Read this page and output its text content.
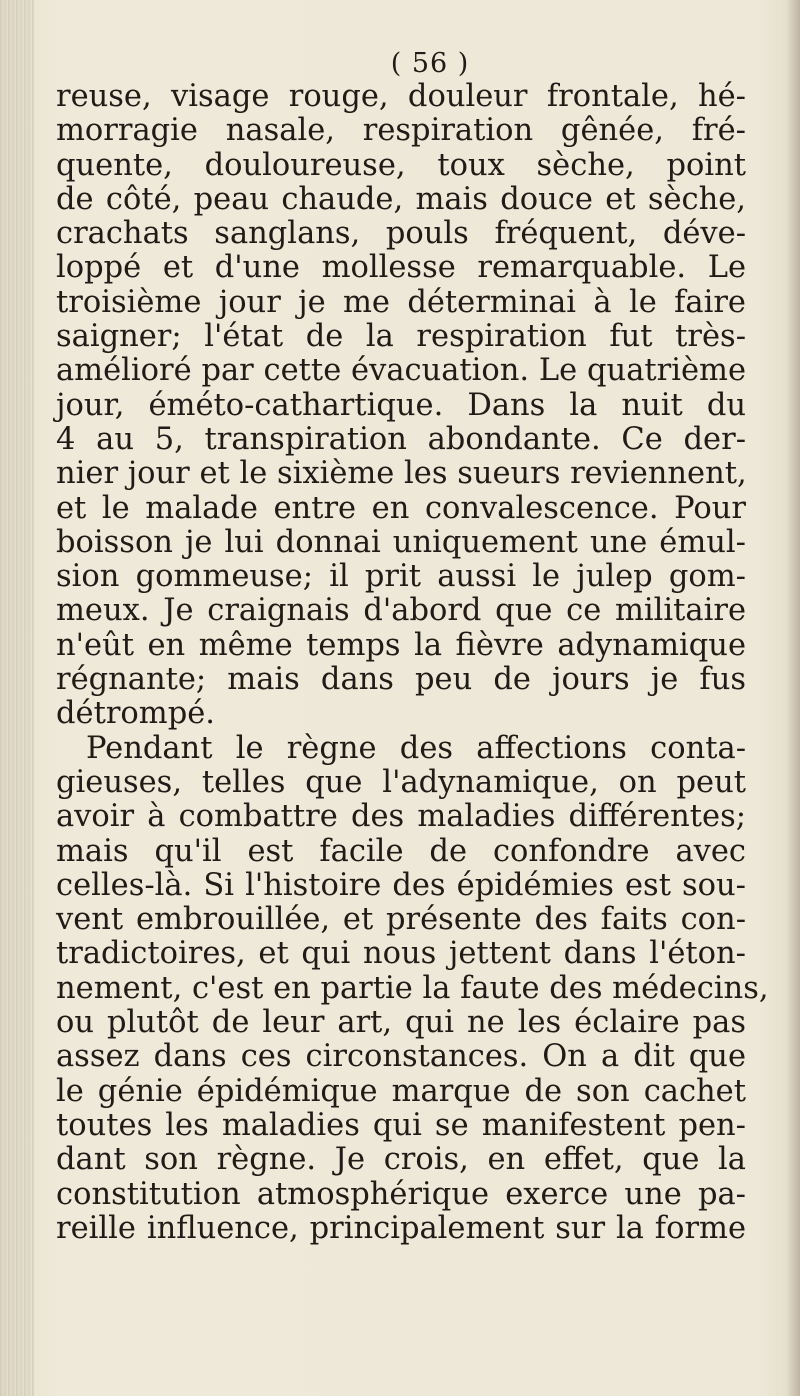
( 56 )
reuse, visage rouge, douleur frontale, hé-
morragie nasale, respiration gênée, fré-
quente, douloureuse, toux sèche, point
de côté, peau chaude, mais douce et sèche,
crachats sanglans, pouls fréquent, déve-
loppé et d'une mollesse remarquable. Le
troisième jour je me déterminai à le faire
saigner; l'état de la respiration fut très-
amélioré par cette évacuation. Le quatrième
jour, éméto-cathartique. Dans la nuit du
4 au 5, transpiration abondante. Ce der-
nier jour et le sixième les sueurs reviennent,
et le malade entre en convalescence. Pour
boisson je lui donnai uniquement une émul-
sion gommeuse; il prit aussi le julep gom-
meux. Je craignais d'abord que ce militaire
n'eût en même temps la fièvre adynamique
régnante; mais dans peu de jours je fus
détrompé.
Pendant le règne des affections conta-
gieuses, telles que l'adynamique, on peut
avoir à combattre des maladies différentes;
mais qu'il est facile de confondre avec
celles-là. Si l'histoire des épidémies est sou-
vent embrouillée, et présente des faits con-
tradictoires, et qui nous jettent dans l'éton-
nement, c'est en partie la faute des médecins,
ou plutôt de leur art, qui ne les éclaire pas
assez dans ces circonstances. On a dit que
le génie épidémique marque de son cachet
toutes les maladies qui se manifestent pen-
dant son règne. Je crois, en effet, que la
constitution atmosphérique exerce une pa-
reille influence, principalement sur la forme
